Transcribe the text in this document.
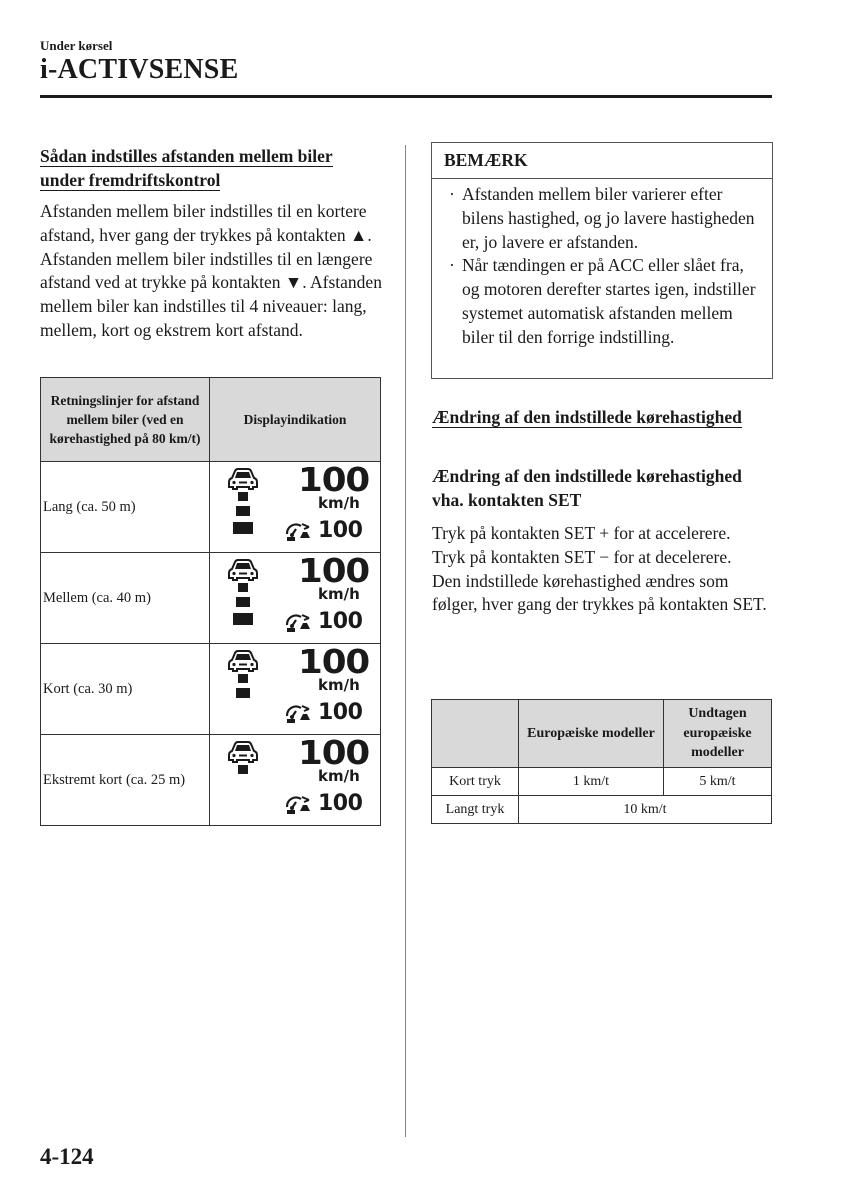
Under kørsel
i-ACTIVSENSE
Sådan indstilles afstanden mellem biler under fremdriftskontrol
Afstanden mellem biler indstilles til en kortere afstand, hver gang der trykkes på kontakten ▲. Afstanden mellem biler indstilles til en længere afstand ved at trykke på kontakten ▼. Afstanden mellem biler kan indstilles til 4 niveauer: lang, mellem, kort og ekstrem kort afstand.
Retningslinjer for afstand mellem biler (ved en kørehastighed på 80 km/t)	Displayindikation
Lang (ca. 50 m)	100
km/h
100

Mellem (ca. 40 m)	100
km/h
100

Kort (ca. 30 m)	100
km/h
100

Ekstremt kort (ca. 25 m)	100
km/h
100
BEMÆRK
· Afstanden mellem biler varierer efter bilens hastighed, og jo lavere hastigheden er, jo lavere er afstanden.
· Når tændingen er på ACC eller slået fra, og motoren derefter startes igen, indstiller systemet automatisk afstanden mellem biler til den forrige indstilling.
Ændring af den indstillede kørehastighed
Ændring af den indstillede kørehastighed vha. kontakten SET

Tryk på kontakten SET + for at accelerere.

Tryk på kontakten SET − for at decelerere.

Den indstillede kørehastighed ændres som følger, hver gang der trykkes på kontakten SET.

	Europæiske modeller	Undtagen europæiske modeller
Kort tryk	1 km/t	5 km/t
Langt tryk	10 km/t	
4-124
